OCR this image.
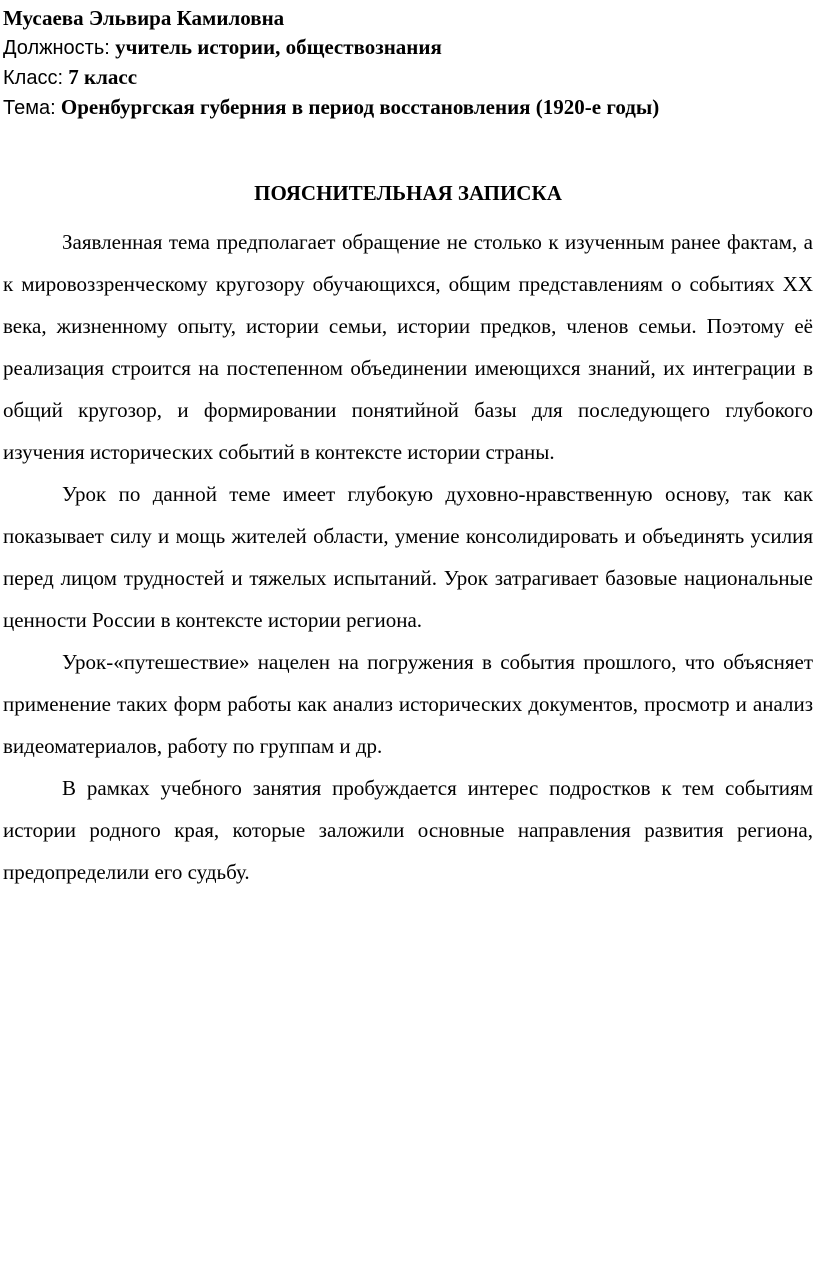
Мусаева Эльвира Камиловна
Должность: учитель истории, обществознания
Класс: 7 класс
Тема: Оренбургская губерния в период восстановления (1920-е годы)
ПОЯСНИТЕЛЬНАЯ ЗАПИСКА

Заявленная тема предполагает обращение не столько к изученным ранее фактам, а к мировоззренческому кругозору обучающихся, общим представлениям о событиях XX века, жизненному опыту, истории семьи, истории предков, членов семьи. Поэтому её реализация строится на постепенном объединении имеющихся знаний, их интеграции в общий кругозор, и формировании понятийной базы для последующего глубокого изучения исторических событий в контексте истории страны.

Урок по данной теме имеет глубокую духовно-нравственную основу, так как показывает силу и мощь жителей области, умение консолидировать и объединять усилия перед лицом трудностей и тяжелых испытаний. Урок затрагивает базовые национальные ценности России в контексте истории региона.

Урок-«путешествие» нацелен на погружения в события прошлого, что объясняет применение таких форм работы как анализ исторических документов, просмотр и анализ видеоматериалов, работу по группам и др.

В рамках учебного занятия пробуждается интерес подростков к тем событиям истории родного края, которые заложили основные направления развития региона, предопределили его судьбу.
